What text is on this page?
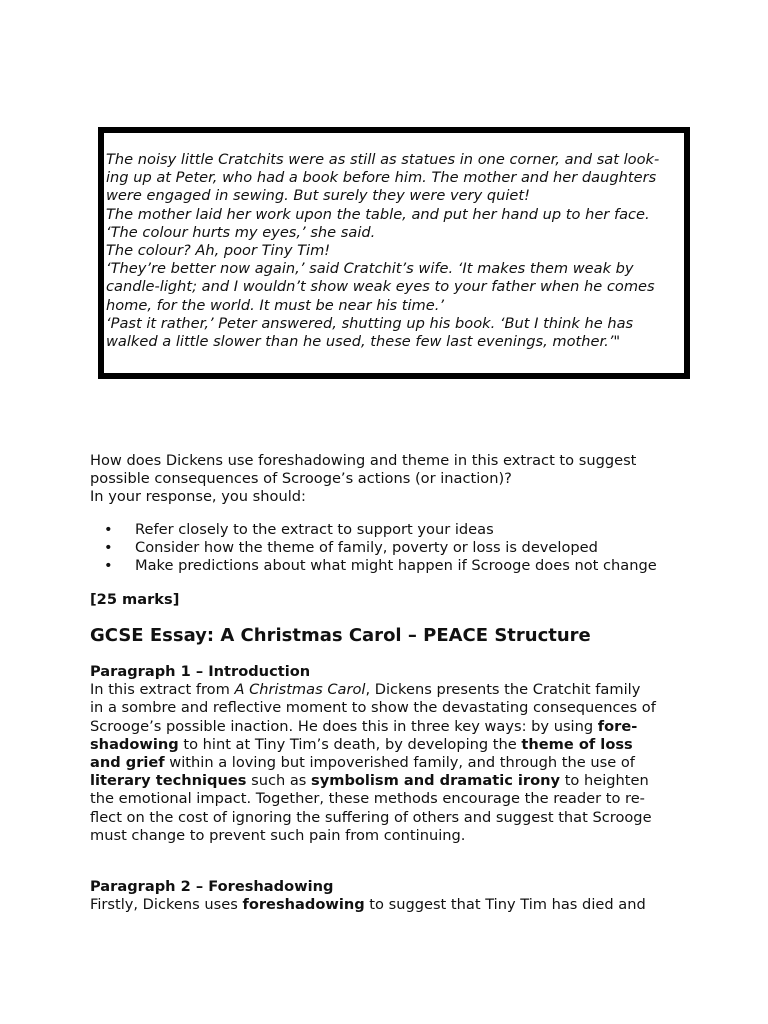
The noisy little Cratchits were as still as statues in one corner, and sat look-
ing up at Peter, who had a book before him. The mother and her daughters
were engaged in sewing. But surely they were very quiet!
The mother laid her work upon the table, and put her hand up to her face.
‘The colour hurts my eyes,’ she said.
The colour? Ah, poor Tiny Tim!
‘They’re better now again,’ said Cratchit’s wife. ‘It makes them weak by
candle-light; and I wouldn’t show weak eyes to your father when he comes
home, for the world. It must be near his time.’
‘Past it rather,’ Peter answered, shutting up his book. ‘But I think he has
walked a little slower than he used, these few last evenings, mother.’"
How does Dickens use foreshadowing and theme in this extract to suggest
possible consequences of Scrooge’s actions (or inaction)?
In your response, you should:
• Refer closely to the extract to support your ideas
• Consider how the theme of family, poverty or loss is developed
• Make predictions about what might happen if Scrooge does not change
[25 marks]
GCSE Essay: A Christmas Carol – PEACE Structure
Paragraph 1 – Introduction
In this extract from A Christmas Carol, Dickens presents the Cratchit family
in a sombre and reflective moment to show the devastating consequences of
Scrooge’s possible inaction. He does this in three key ways: by using fore-
shadowing to hint at Tiny Tim’s death, by developing the theme of loss
and grief within a loving but impoverished family, and through the use of
literary techniques such as symbolism and dramatic irony to heighten
the emotional impact. Together, these methods encourage the reader to re-
flect on the cost of ignoring the suffering of others and suggest that Scrooge
must change to prevent such pain from continuing.
Paragraph 2 – Foreshadowing
Firstly, Dickens uses foreshadowing to suggest that Tiny Tim has died and
